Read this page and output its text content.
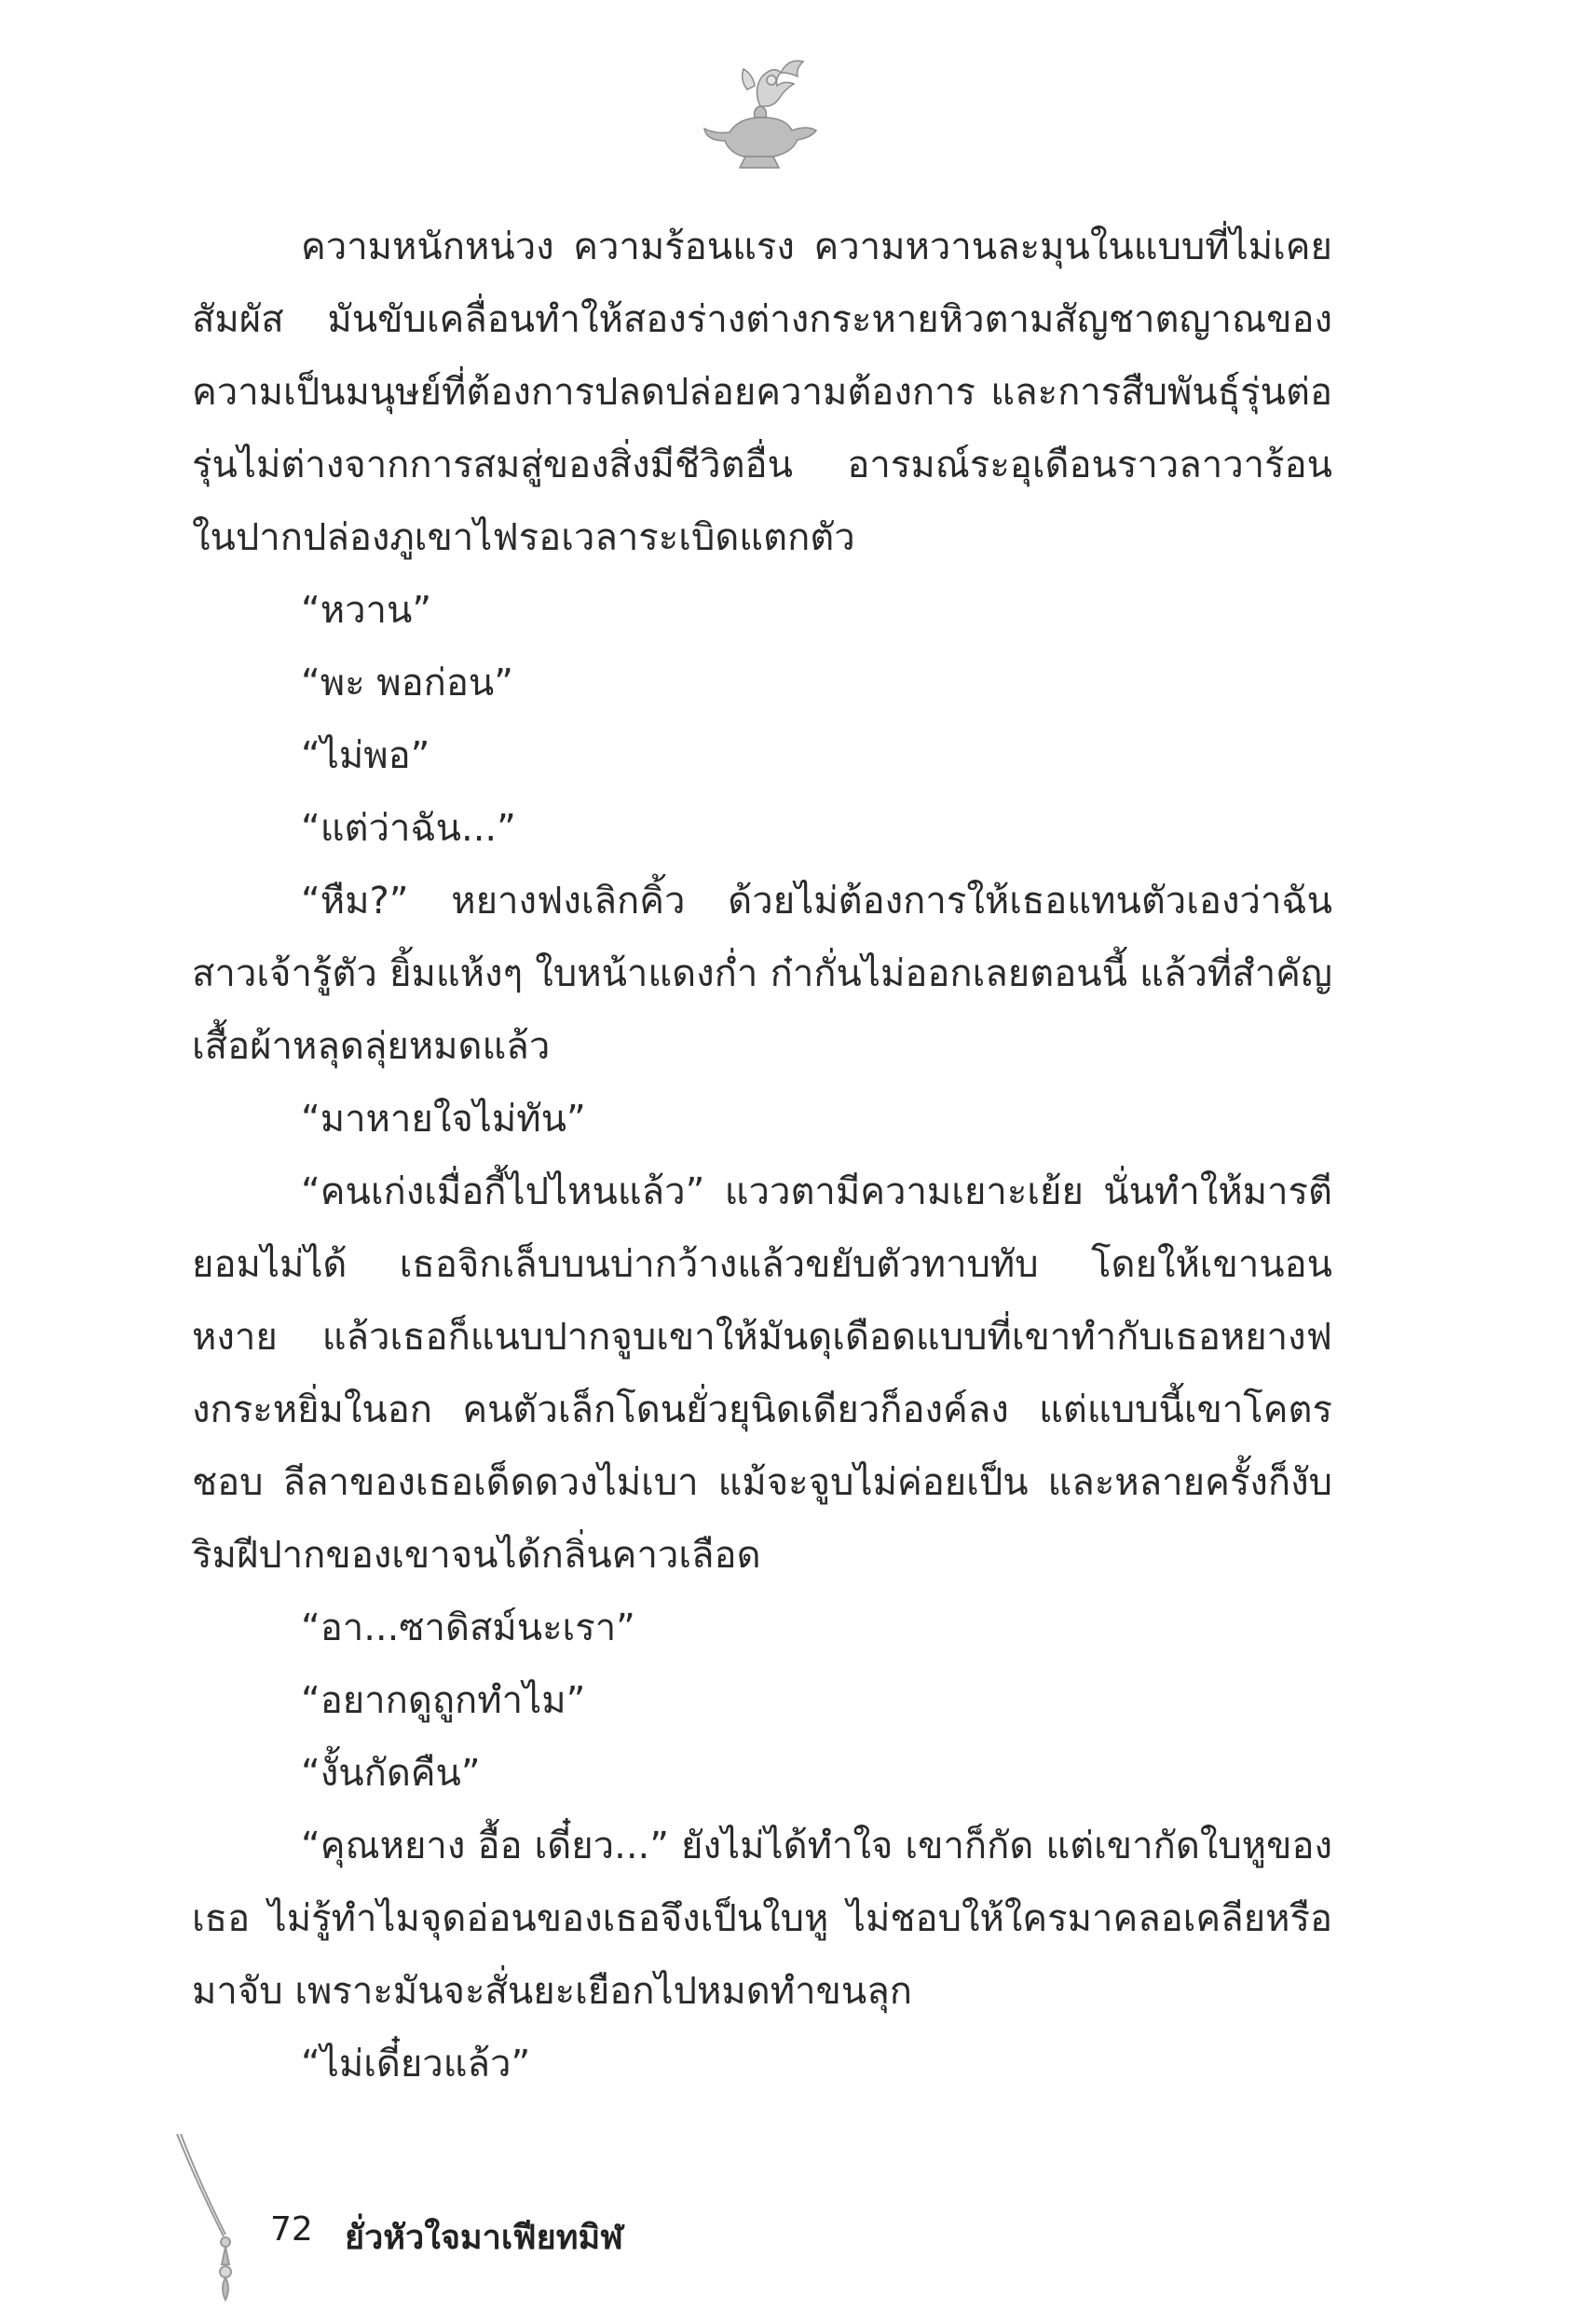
ความหนักหน่วง ความร้อนแรง ความหวานละมุนในแบบที่ไม่เคยสัมผัส มันขับเคลื่อนทำให้สองร่างต่างกระหายหิวตามสัญชาตญาณของความเป็นมนุษย์ที่ต้องการปลดปล่อยความต้องการ และการสืบพันธุ์รุ่นต่อรุ่นไม่ต่างจากการสมสู่ของสิ่งมีชีวิตอื่น อารมณ์ระอุเดือนราวลาวาร้อนในปากปล่องภูเขาไฟรอเวลาระเบิดแตกตัว

“หวาน”

“พะ พอก่อน”

“ไม่พอ”

“แต่ว่าฉัน...”

“หืม?” หยางฟงเลิกคิ้ว ด้วยไม่ต้องการให้เธอแทนตัวเองว่าฉัน สาวเจ้ารู้ตัว ยิ้มแห้งๆ ใบหน้าแดงก่ำ ก๋ากั่นไม่ออกเลยตอนนี้ แล้วที่สำคัญ เสื้อผ้าหลุดลุ่ยหมดแล้ว

“มาหายใจไม่ทัน”

“คนเก่งเมื่อกี้ไปไหนแล้ว” แววตามีความเยาะเย้ย นั่นทำให้มารตียอมไม่ได้ เธอจิกเล็บบนบ่ากว้างแล้วขยับตัวทาบทับ โดยให้เขานอนหงาย แล้วเธอก็แนบปากจูบเขาให้มันดุเดือดแบบที่เขาทำกับเธอหยางฟงกระหยิ่มในอก คนตัวเล็กโดนยั่วยุนิดเดียวก็องค์ลง แต่แบบนี้เขาโคตรชอบ ลีลาของเธอเด็ดดวงไม่เบา แม้จะจูบไม่ค่อยเป็น และหลายครั้งก็งับริมฝีปากของเขาจนได้กลิ่นคาวเลือด

“อา...ซาดิสม์นะเรา”

“อยากดูถูกทำไม”

“งั้นกัดคืน”

“คุณหยาง อื้อ เดี๋ยว...” ยังไม่ได้ทำใจ เขาก็กัด แต่เขากัดใบหูของเธอ ไม่รู้ทำไมจุดอ่อนของเธอจึงเป็นใบหู ไม่ชอบให้ใครมาคลอเคลียหรือมาจับ เพราะมันจะสั่นยะเยือกไปหมดทำขนลุก

“ไม่เดี๋ยวแล้ว”

72 ยั่วหัวใจมาเฟียทมิฬ
